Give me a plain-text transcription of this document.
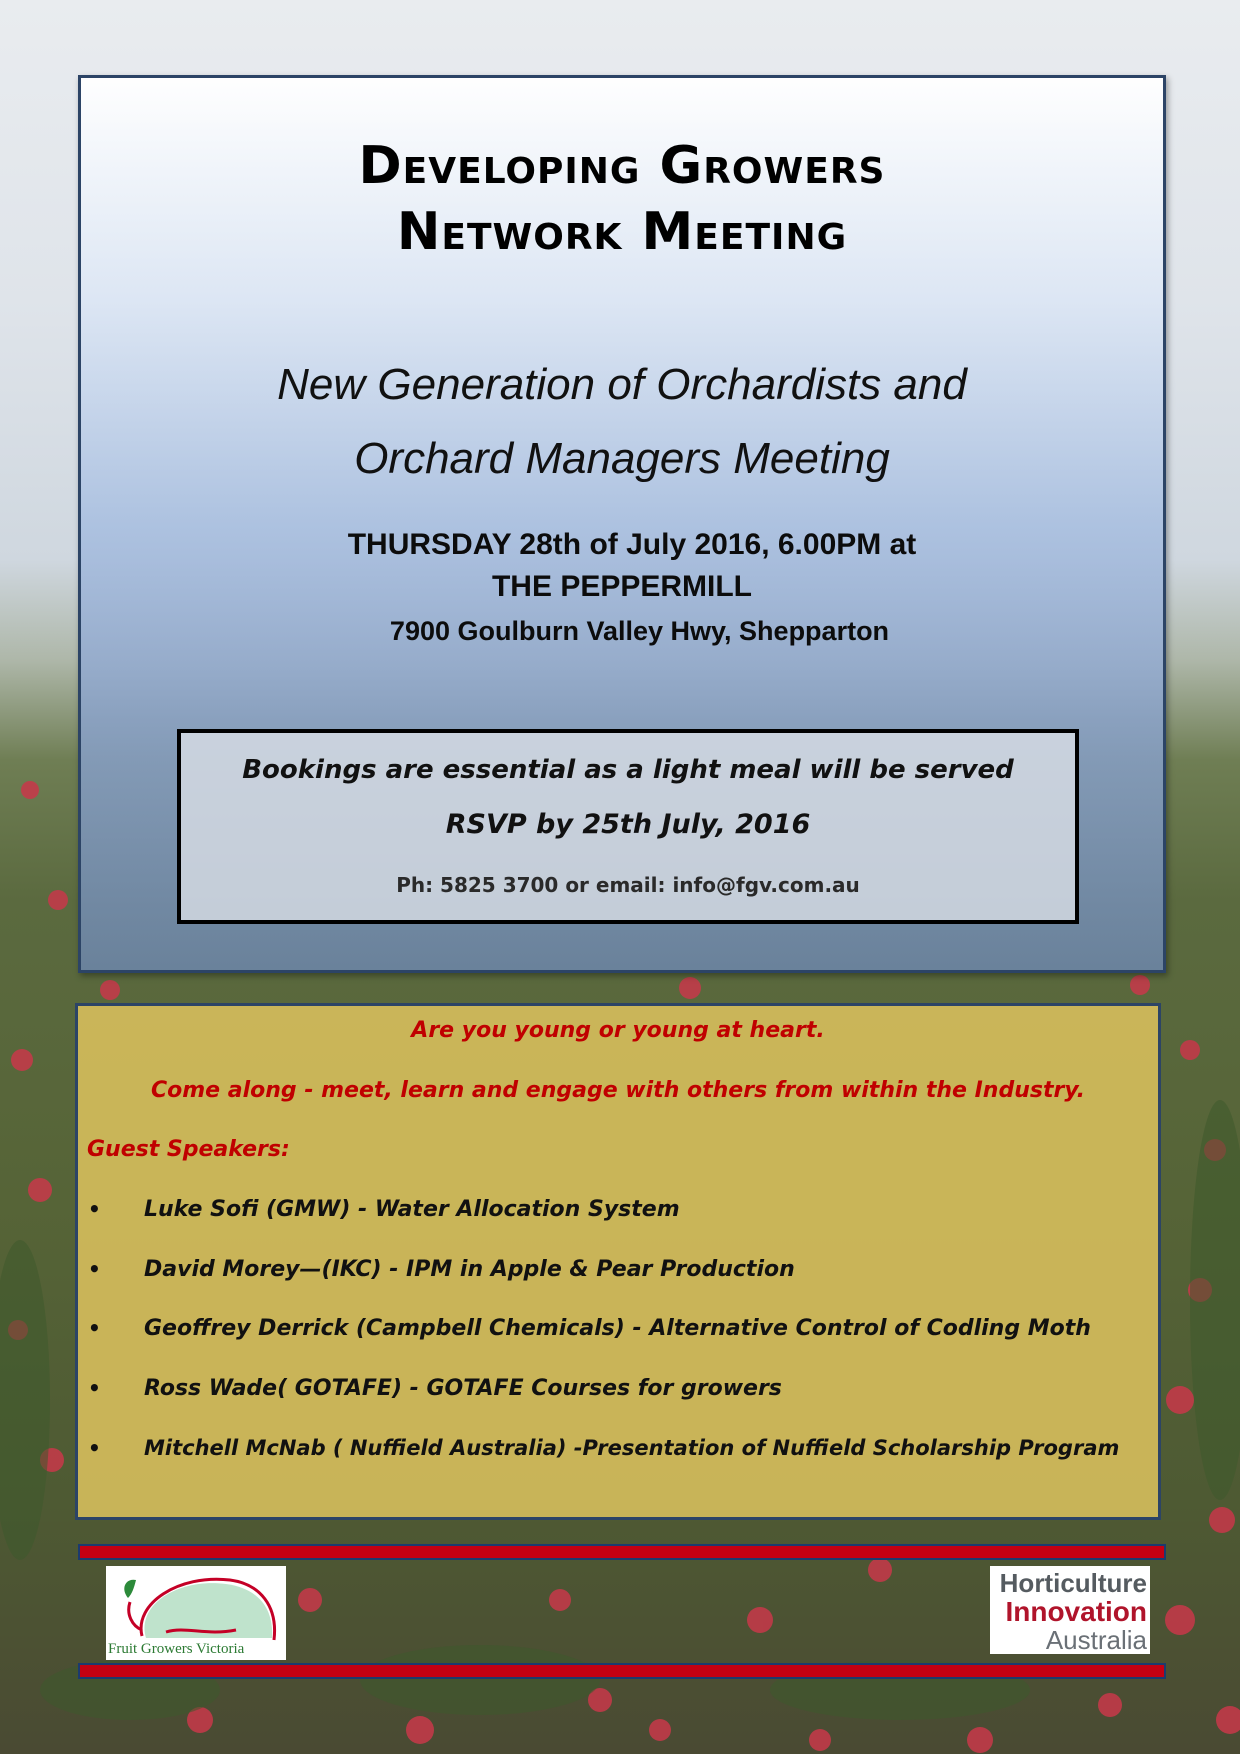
Developing Growers
Network Meeting
New Generation of Orchardists and
Orchard Managers Meeting
THURSDAY 28th of July 2016, 6.00PM at
THE PEPPERMILL
7900 Goulburn Valley Hwy, Shepparton
Bookings are essential as a light meal will be served
RSVP by 25th July, 2016
Ph: 5825 3700 or email: info@fgv.com.au
Are you young or young at heart.
Come along - meet, learn and engage with others from within the Industry.
Guest Speakers:
• Luke Sofi (GMW) - Water Allocation System
• David Morey—(IKC) - IPM in Apple & Pear Production
• Geoffrey Derrick (Campbell Chemicals) - Alternative Control of Codling Moth
• Ross Wade( GOTAFE) - GOTAFE Courses for growers
• Mitchell McNab ( Nuffield Australia) -Presentation of Nuffield Scholarship Program
Fruit Growers Victoria
Horticulture
Innovation
Australia
